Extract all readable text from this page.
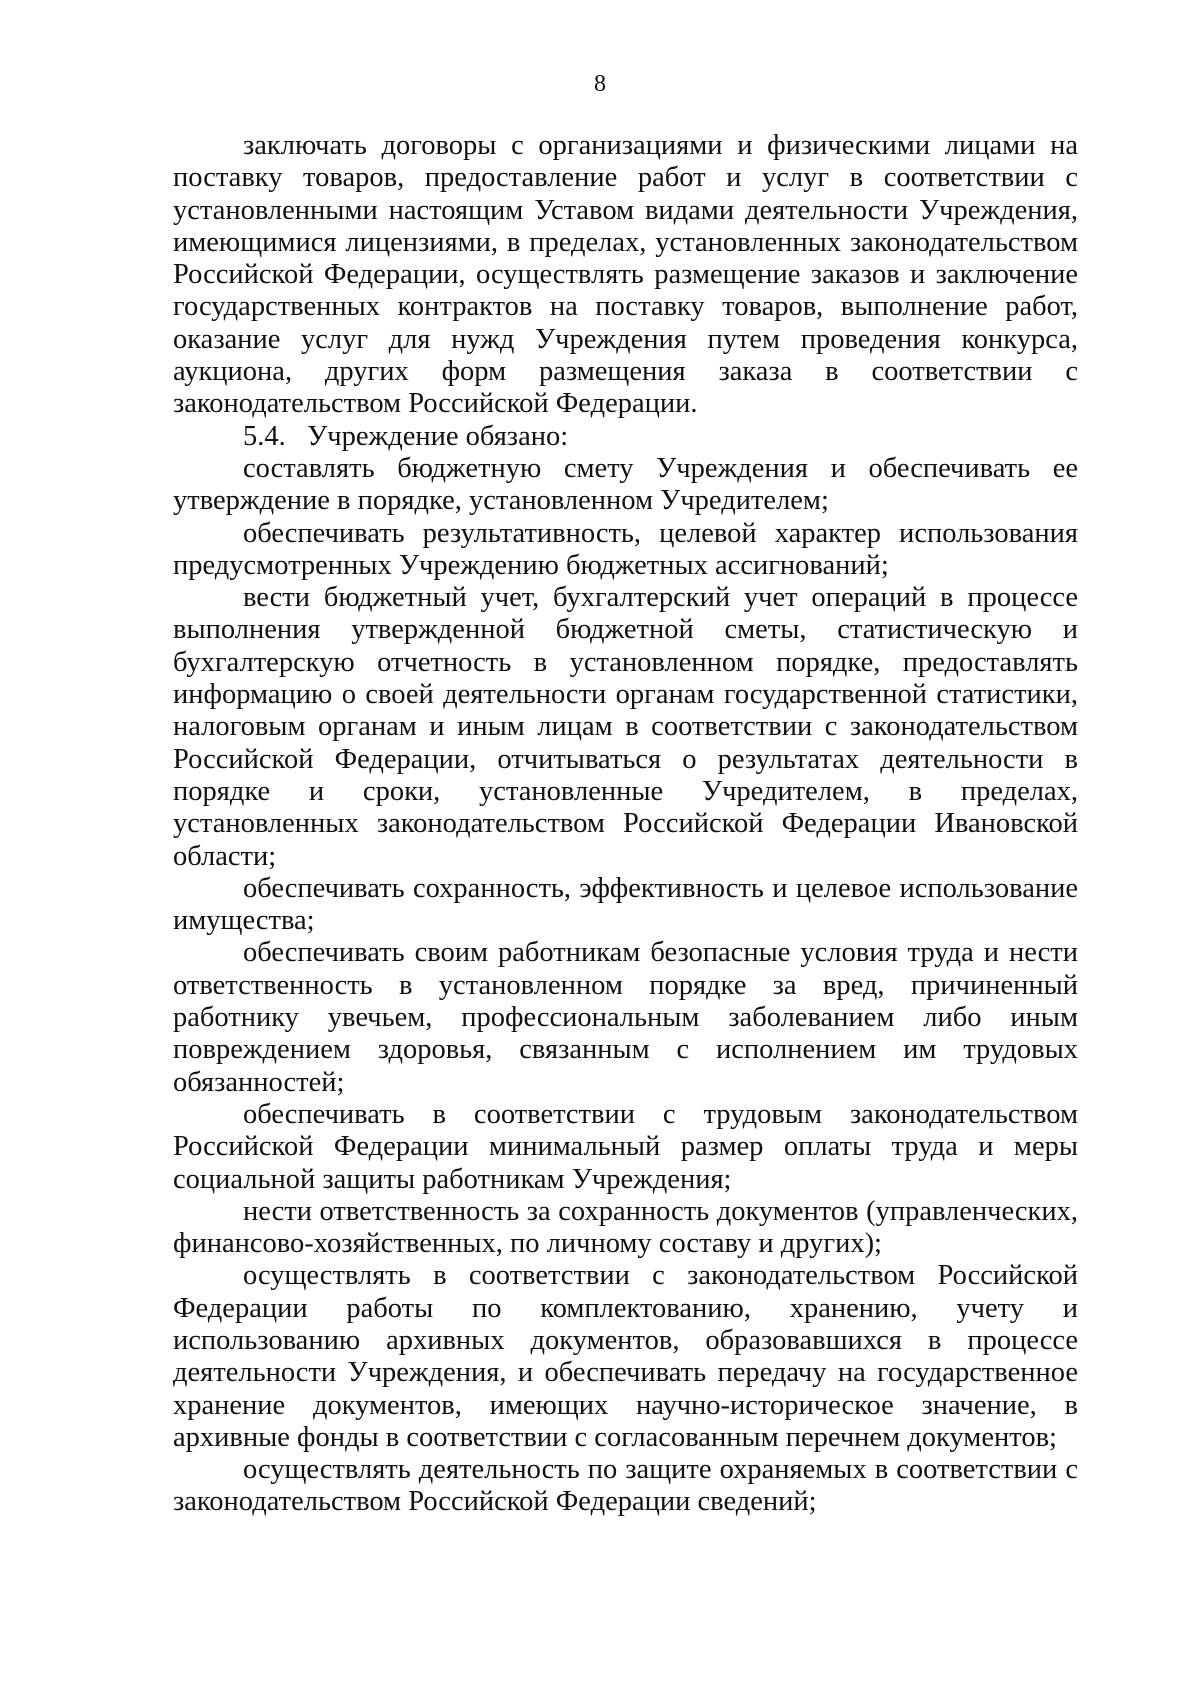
8

заключать договоры с организациями и физическими лицами на поставку товаров, предоставление работ и услуг в соответствии с установленными настоящим Уставом видами деятельности Учреждения, имеющимися лицензиями, в пределах, установленных законодательством Российской Федерации, осуществлять размещение заказов и заключение государственных контрактов на поставку товаров, выполнение работ, оказание услуг для нужд Учреждения путем проведения конкурса, аукциона, других форм размещения заказа в соответствии с законодательством Российской Федерации.

5.4.   Учреждение обязано:

составлять бюджетную смету Учреждения и обеспечивать ее утверждение в порядке, установленном Учредителем;

обеспечивать результативность, целевой характер использования предусмотренных Учреждению бюджетных ассигнований;

вести бюджетный учет, бухгалтерский учет операций в процессе выполнения утвержденной бюджетной сметы, статистическую и бухгалтерскую отчетность в установленном порядке, предоставлять информацию о своей деятельности органам государственной статистики, налоговым органам и иным лицам в соответствии с законодательством Российской Федерации, отчитываться о результатах деятельности в порядке и сроки, установленные Учредителем, в пределах, установленных законодательством Российской Федерации Ивановской области;

обеспечивать сохранность, эффективность и целевое использование имущества;

обеспечивать своим работникам безопасные условия труда и нести ответственность в установленном порядке за вред, причиненный работнику увечьем, профессиональным заболеванием либо иным повреждением здоровья, связанным с исполнением им трудовых обязанностей;

обеспечивать в соответствии с трудовым законодательством Российской Федерации минимальный размер оплаты труда и меры социальной защиты работникам Учреждения;

нести ответственность за сохранность документов (управленческих, финансово-хозяйственных, по личному составу и других);

осуществлять в соответствии с законодательством Российской Федерации работы по комплектованию, хранению, учету и использованию архивных документов, образовавшихся в процессе деятельности Учреждения, и обеспечивать передачу на государственное хранение документов, имеющих научно-историческое значение, в архивные фонды в соответствии с согласованным перечнем документов;

осуществлять деятельность по защите охраняемых в соответствии с законодательством Российской Федерации сведений;
